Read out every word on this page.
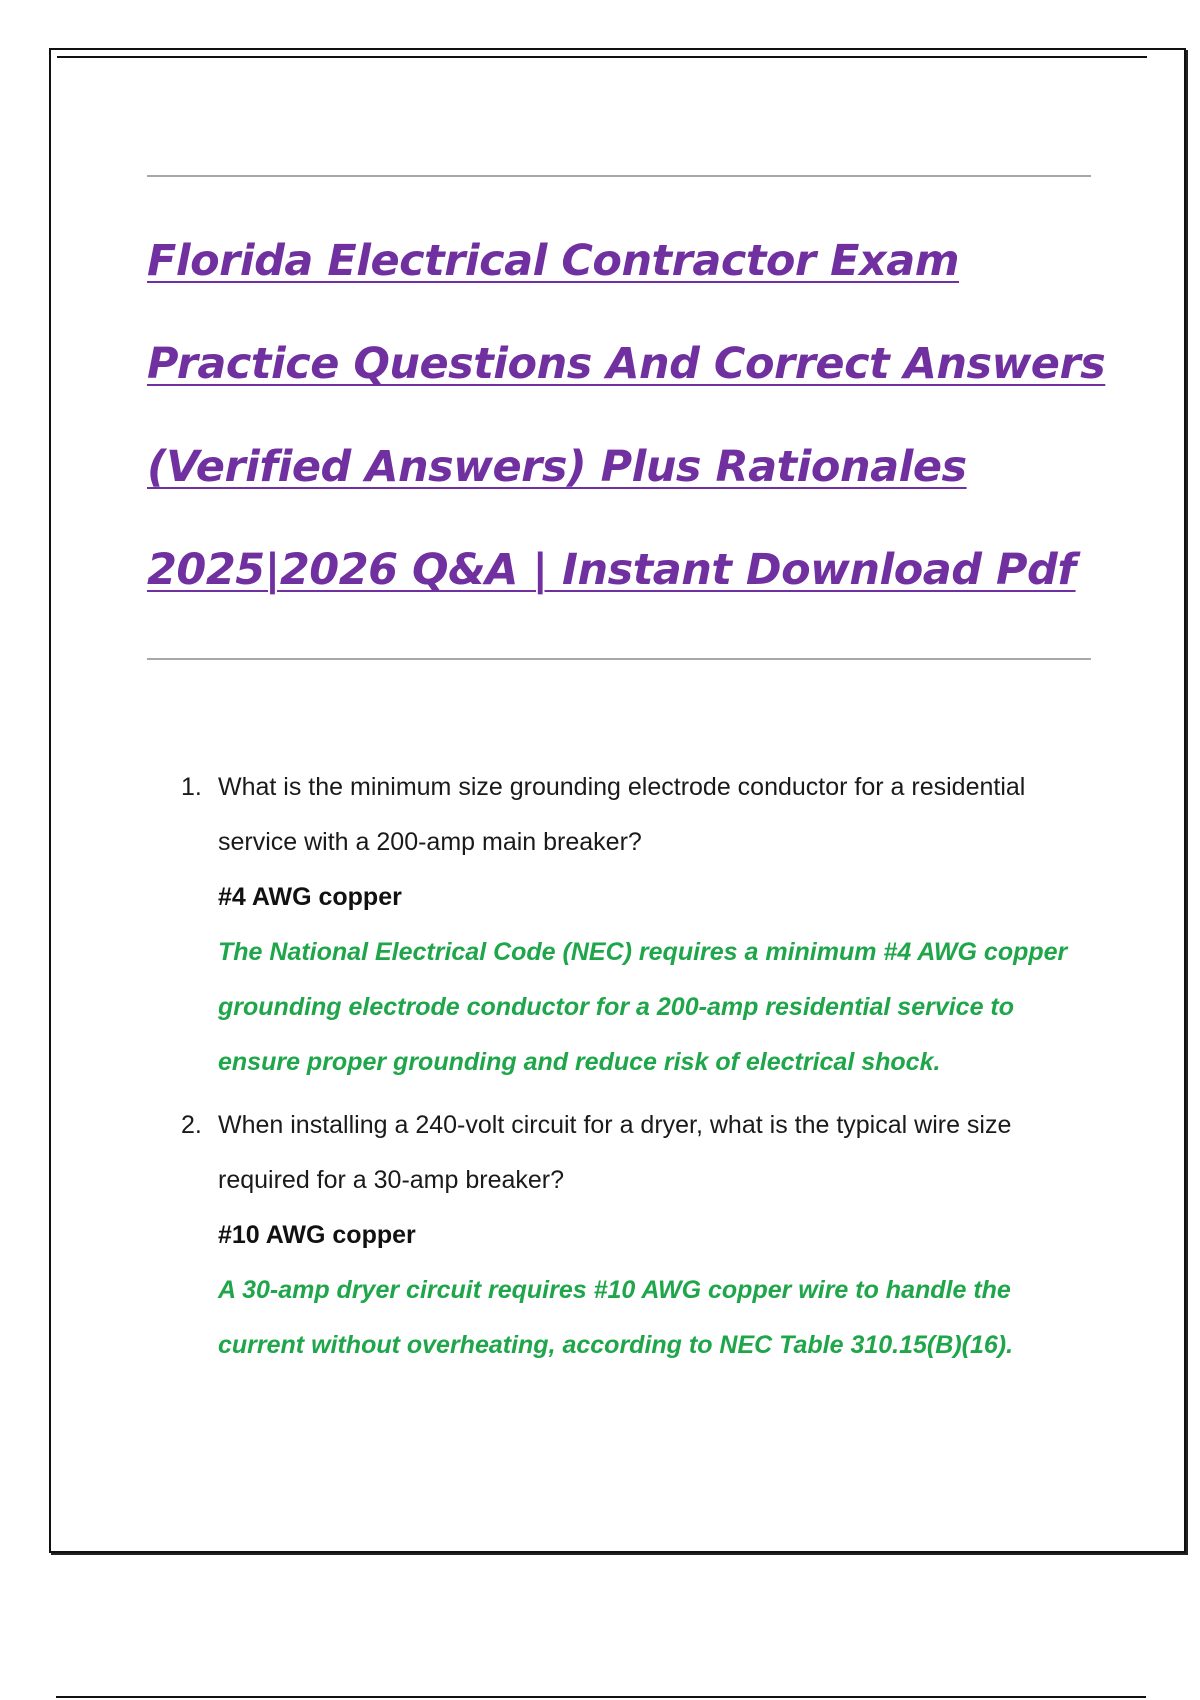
Florida Electrical Contractor Exam
Practice Questions And Correct Answers
(Verified Answers) Plus Rationales
2025|2026 Q&A | Instant Download Pdf
1. What is the minimum size grounding electrode conductor for a residential service with a 200-amp main breaker?
#4 AWG copper
The National Electrical Code (NEC) requires a minimum #4 AWG copper grounding electrode conductor for a 200-amp residential service to ensure proper grounding and reduce risk of electrical shock.
2. When installing a 240-volt circuit for a dryer, what is the typical wire size required for a 30-amp breaker?
#10 AWG copper
A 30-amp dryer circuit requires #10 AWG copper wire to handle the current without overheating, according to NEC Table 310.15(B)(16).
